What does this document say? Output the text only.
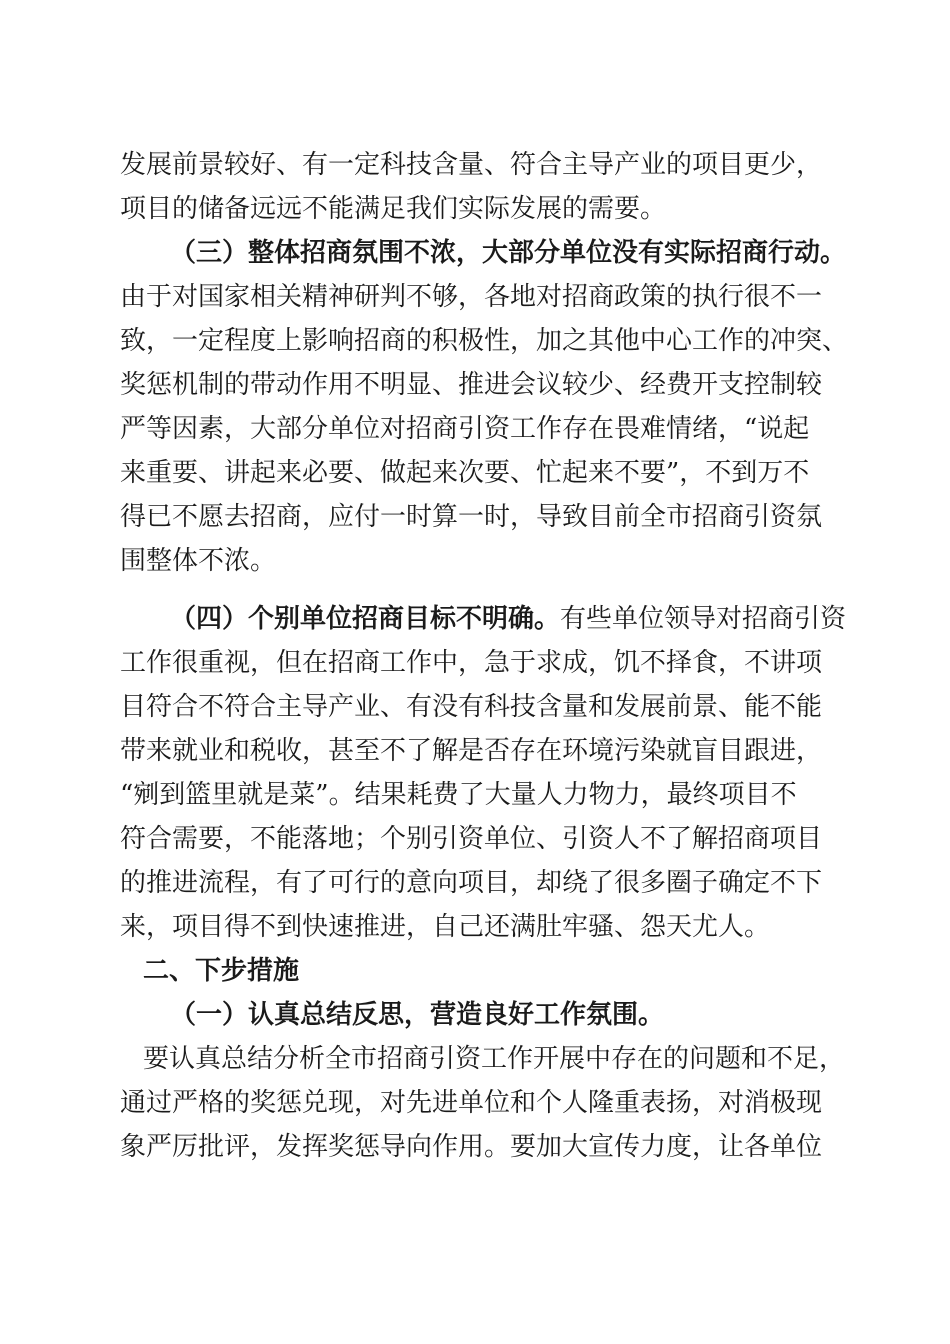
发展前景较好、有一定科技含量、符合主导产业的项目更少，
项目的储备远远不能满足我们实际发展的需要。
（三）整体招商氛围不浓，大部分单位没有实际招商行动。
由于对国家相关精神研判不够，各地对招商政策的执行很不一
致，一定程度上影响招商的积极性，加之其他中心工作的冲突、
奖惩机制的带动作用不明显、推进会议较少、经费开支控制较
严等因素，大部分单位对招商引资工作存在畏难情绪，“说起
来重要、讲起来必要、做起来次要、忙起来不要”，不到万不
得已不愿去招商，应付一时算一时，导致目前全市招商引资氛
围整体不浓。
（四）个别单位招商目标不明确。有些单位领导对招商引资
工作很重视，但在招商工作中，急于求成，饥不择食，不讲项
目符合不符合主导产业、有没有科技含量和发展前景、能不能
带来就业和税收，甚至不了解是否存在环境污染就盲目跟进，
“剜到篮里就是菜”。结果耗费了大量人力物力，最终项目不
符合需要，不能落地；个别引资单位、引资人不了解招商项目
的推进流程，有了可行的意向项目，却绕了很多圈子确定不下
来，项目得不到快速推进，自己还满肚牢骚、怨天尤人。
二、下步措施
（一）认真总结反思，营造良好工作氛围。
要认真总结分析全市招商引资工作开展中存在的问题和不足，
通过严格的奖惩兑现，对先进单位和个人隆重表扬，对消极现
象严厉批评，发挥奖惩导向作用。要加大宣传力度，让各单位
